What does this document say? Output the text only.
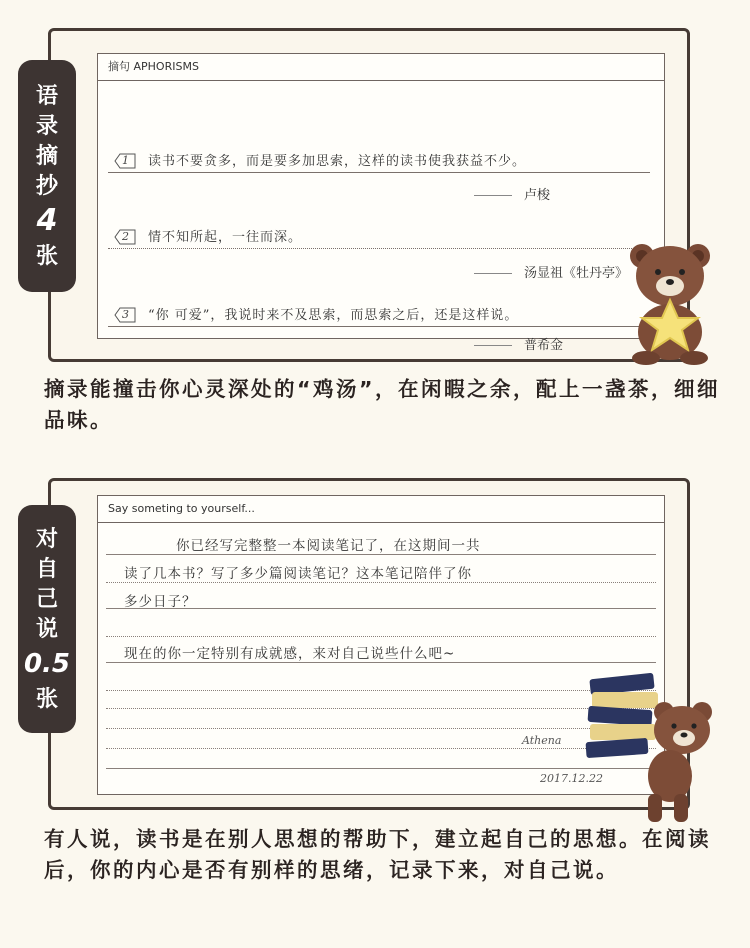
摘句 APHORISMS
1 读书不要贪多，而是要多加思索，这样的读书使我获益不少。
卢梭
2 情不知所起，一往而深。
汤显祖《牡丹亭》
3 “你 可爱”，我说时来不及思索，而思索之后，还是这样说。
普希金
语
录
摘
抄
4
张
摘录能撞击你心灵深处的“鸡汤”，在闲暇之余，配上一盏茶，细细品味。
Say someting to yourself...
你已经写完整整一本阅读笔记了，在这期间一共
读了几本书？写了多少篇阅读笔记？这本笔记陪伴了你
多少日子？
现在的你一定特别有成就感，来对自己说些什么吧~
Athena
2017.12.22
对
自
己
说
0.5
张
有人说，读书是在别人思想的帮助下，建立起自己的思想。在阅读后，你的内心是否有别样的思绪，记录下来，对自己说。
